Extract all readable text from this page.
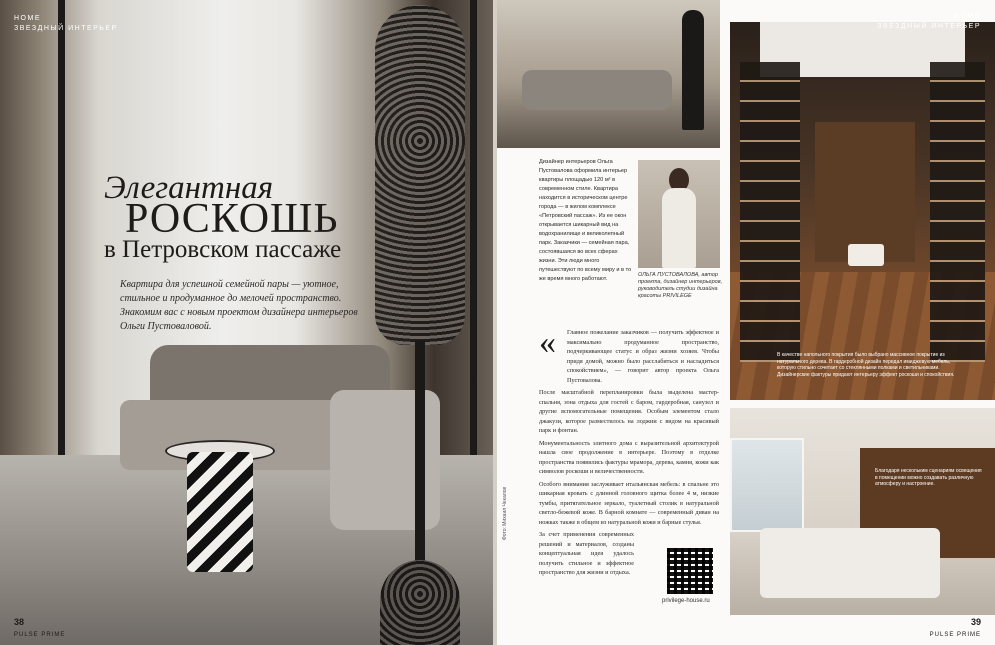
HOME
ЗВЕЗДНЫЙ ИНТЕРЬЕР
Элегантная
РОСКОШЬ
в Петровском пассаже
Квартира для успешной семейной пары — уютное, стильное и продуманное до мелочей пространство. Знакомим вас с новым проектом дизайнера интерьеров Ольги Пустоваловой.
38
PULSE PRIME
Дизайнер интерьеров Ольга Пустовалова оформила интерьер квартиры площадью 120 м² в современном стиле. Квартира находится в историческом центре города — в жилом комплексе «Петровский пассаж». Из ее окон открывается шикарный вид на водохранилище и великолепный парк. Заказчики — семейная пара, состоявшаяся во всех сферах жизни. Эти люди много путешествуют по всему миру и в то же время много работают.
ОЛЬГА ПУСТОВАЛОВА, автор проекта, дизайнер интерьеров, руководитель студии дизайна красоты PRIVILEGE
« Главное пожелание заказчиков — получить эффектное и максимально продуманное пространство, подчеркивающее статус и образ жизни хозяев. Чтобы придя домой, можно было расслабиться и насладиться спокойствием», — говорит автор проекта Ольга Пустовалова.

После масштабной перепланировки была выделена мастер-спальня, зона отдыха для гостей с баром, гардеробная, санузел и другие вспомогательные помещения. Особым элементом стало джакузи, которое разместилось на лоджии с видом на красивый парк и фонтан.

Монументальность элитного дома с выразительной архитектурой нашла свое продолжение в интерьере. Поэтому в отделке пространства появились фактуры мрамора, дерева, камня, кожи как символов роскоши и величественности.

Особого внимания заслуживает итальянская мебель: в спальне это шикарная кровать с длинной головного щитка более 4 м, низкие тумбы, притягательное зеркало, туалетный столик в натуральной светло-бежевой коже. В барной комнате — современный диван на ножках также в общем из натуральной кожи и барные стулья.

За счет применения современных решений и материалов, созданы концептуальная идея удалось получить стильное и эффектное пространство для жизни и отдыха.

Фото: Михаил Чекалов
privilege-house.ru
В качестве напольного покрытия было выбрано массивное покрытие из натурального дерева. В гардеробной дизайн передал имиджевую мебель, которую стильно сочетает со стеклянными полками и светильниками. Дизайнерские фактуры придают интерьеру эффект роскоши и спокойствия.
Благодаря нескольким сценариям освещения в помещении можно создавать различную атмосферу и настроение.
HOME
ЗВЕЗДНЫЙ ИНТЕРЬЕР
39
PULSE PRIME
